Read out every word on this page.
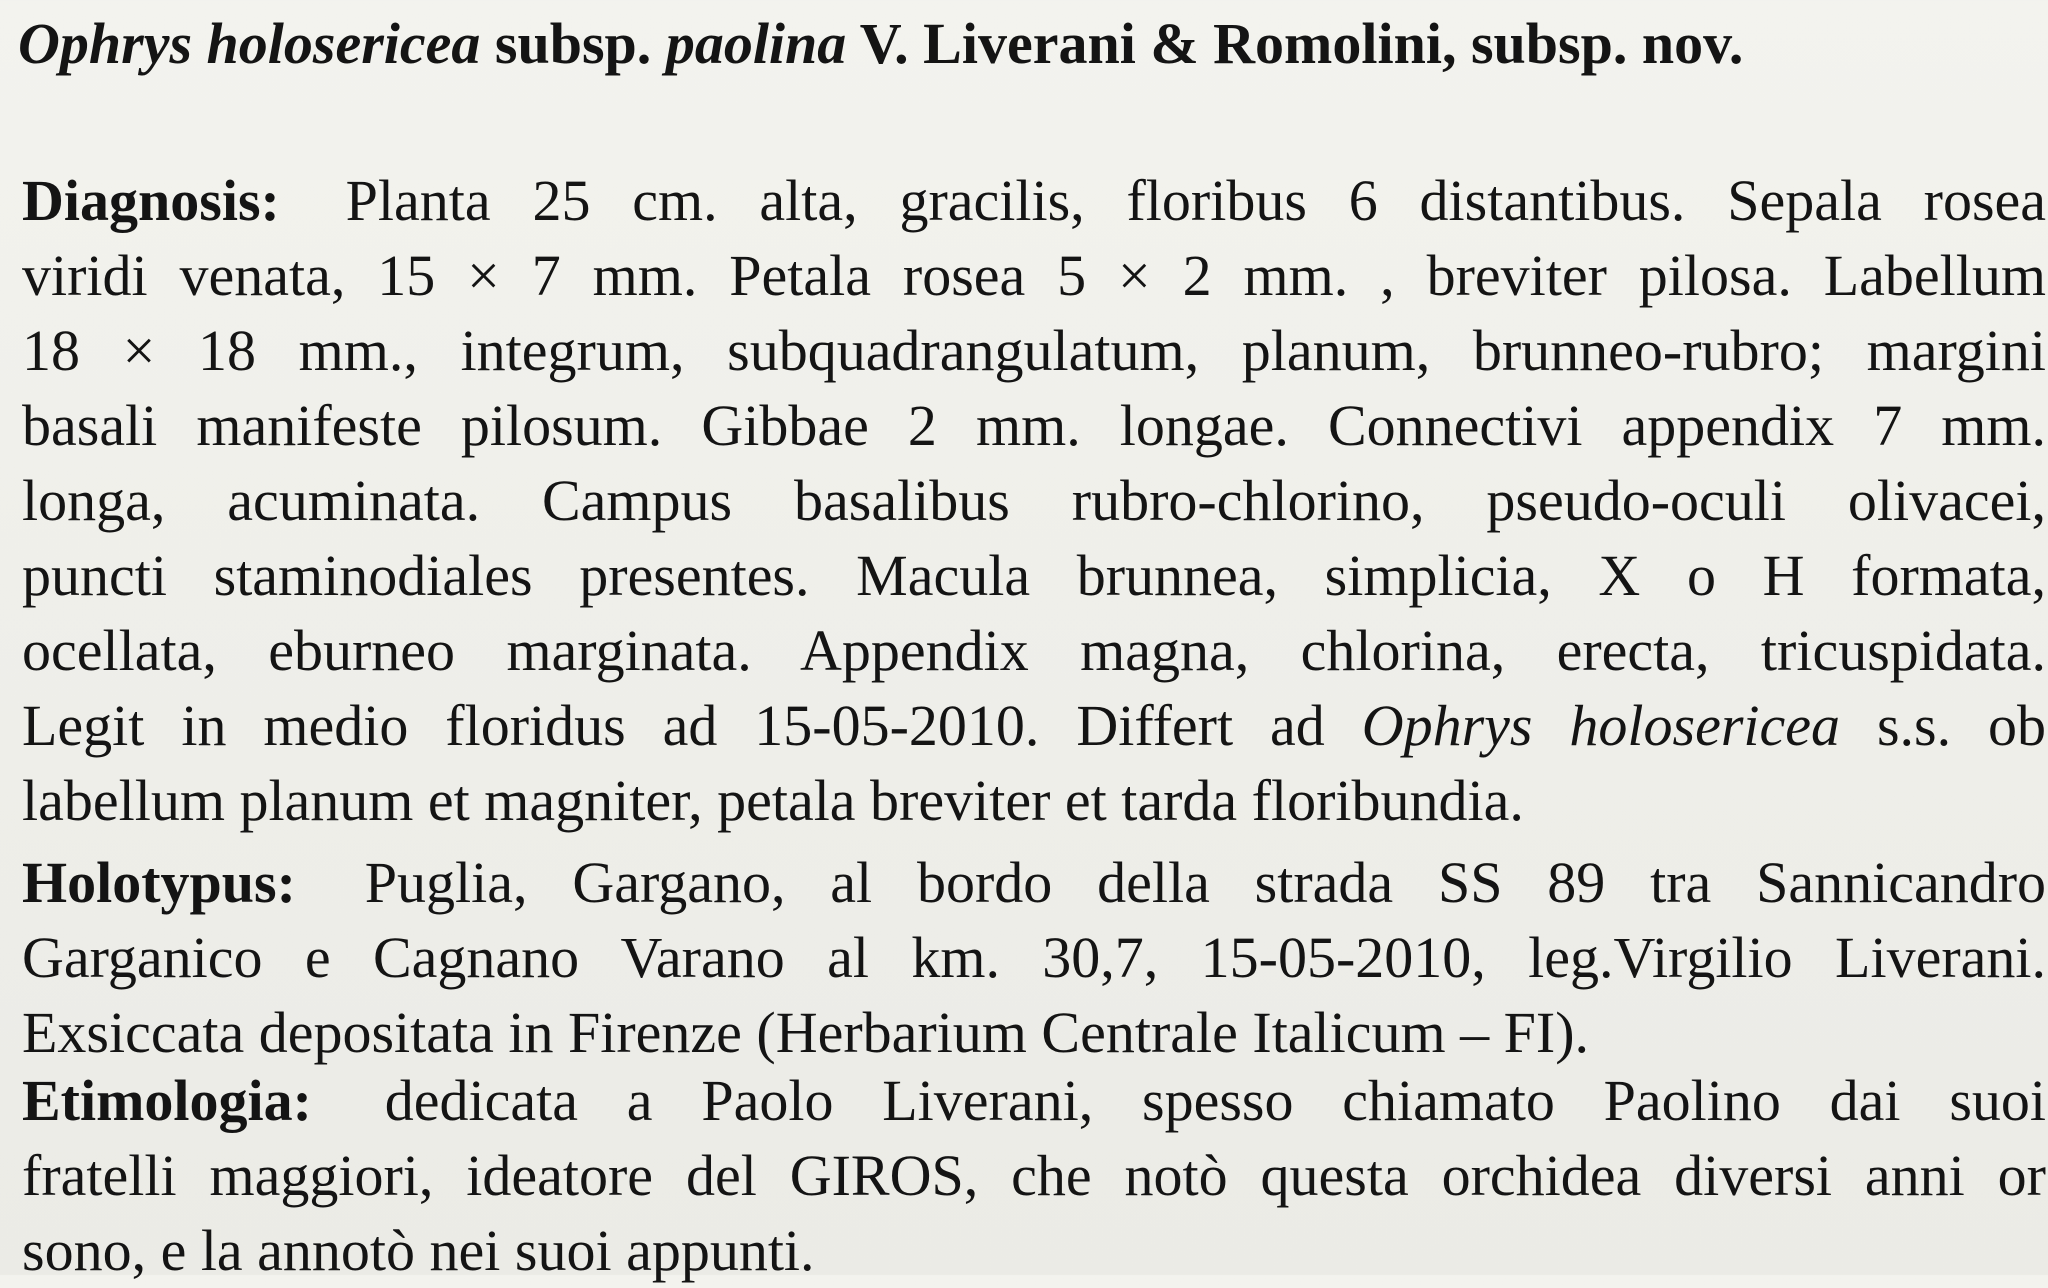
Ophrys holosericea subsp. paolina V. Liverani & Romolini, subsp. nov.
Diagnosis: Planta 25 cm. alta, gracilis, floribus 6 distantibus. Sepala rosea
viridi venata, 15 × 7 mm. Petala rosea 5 × 2 mm. , breviter pilosa. Labellum
18 × 18 mm., integrum, subquadrangulatum, planum, brunneo-rubro; margini
basali manifeste pilosum. Gibbae 2 mm. longae. Connectivi appendix 7 mm.
longa, acuminata. Campus basalibus rubro-chlorino, pseudo-oculi olivacei,
puncti staminodiales presentes. Macula brunnea, simplicia, X o H formata,
ocellata, eburneo marginata. Appendix magna, chlorina, erecta, tricuspidata.
Legit in medio floridus ad 15-05-2010. Differt ad Ophrys holosericea s.s. ob
labellum planum et magniter, petala breviter et tarda floribundia.
Holotypus: Puglia, Gargano, al bordo della strada SS 89 tra Sannicandro
Garganico e Cagnano Varano al km. 30,7, 15-05-2010, leg.Virgilio Liverani.
Exsiccata depositata in Firenze (Herbarium Centrale Italicum – FI).
Etimologia: dedicata a Paolo Liverani, spesso chiamato Paolino dai suoi
fratelli maggiori, ideatore del GIROS, che notò questa orchidea diversi anni or
sono, e la annotò nei suoi appunti.
